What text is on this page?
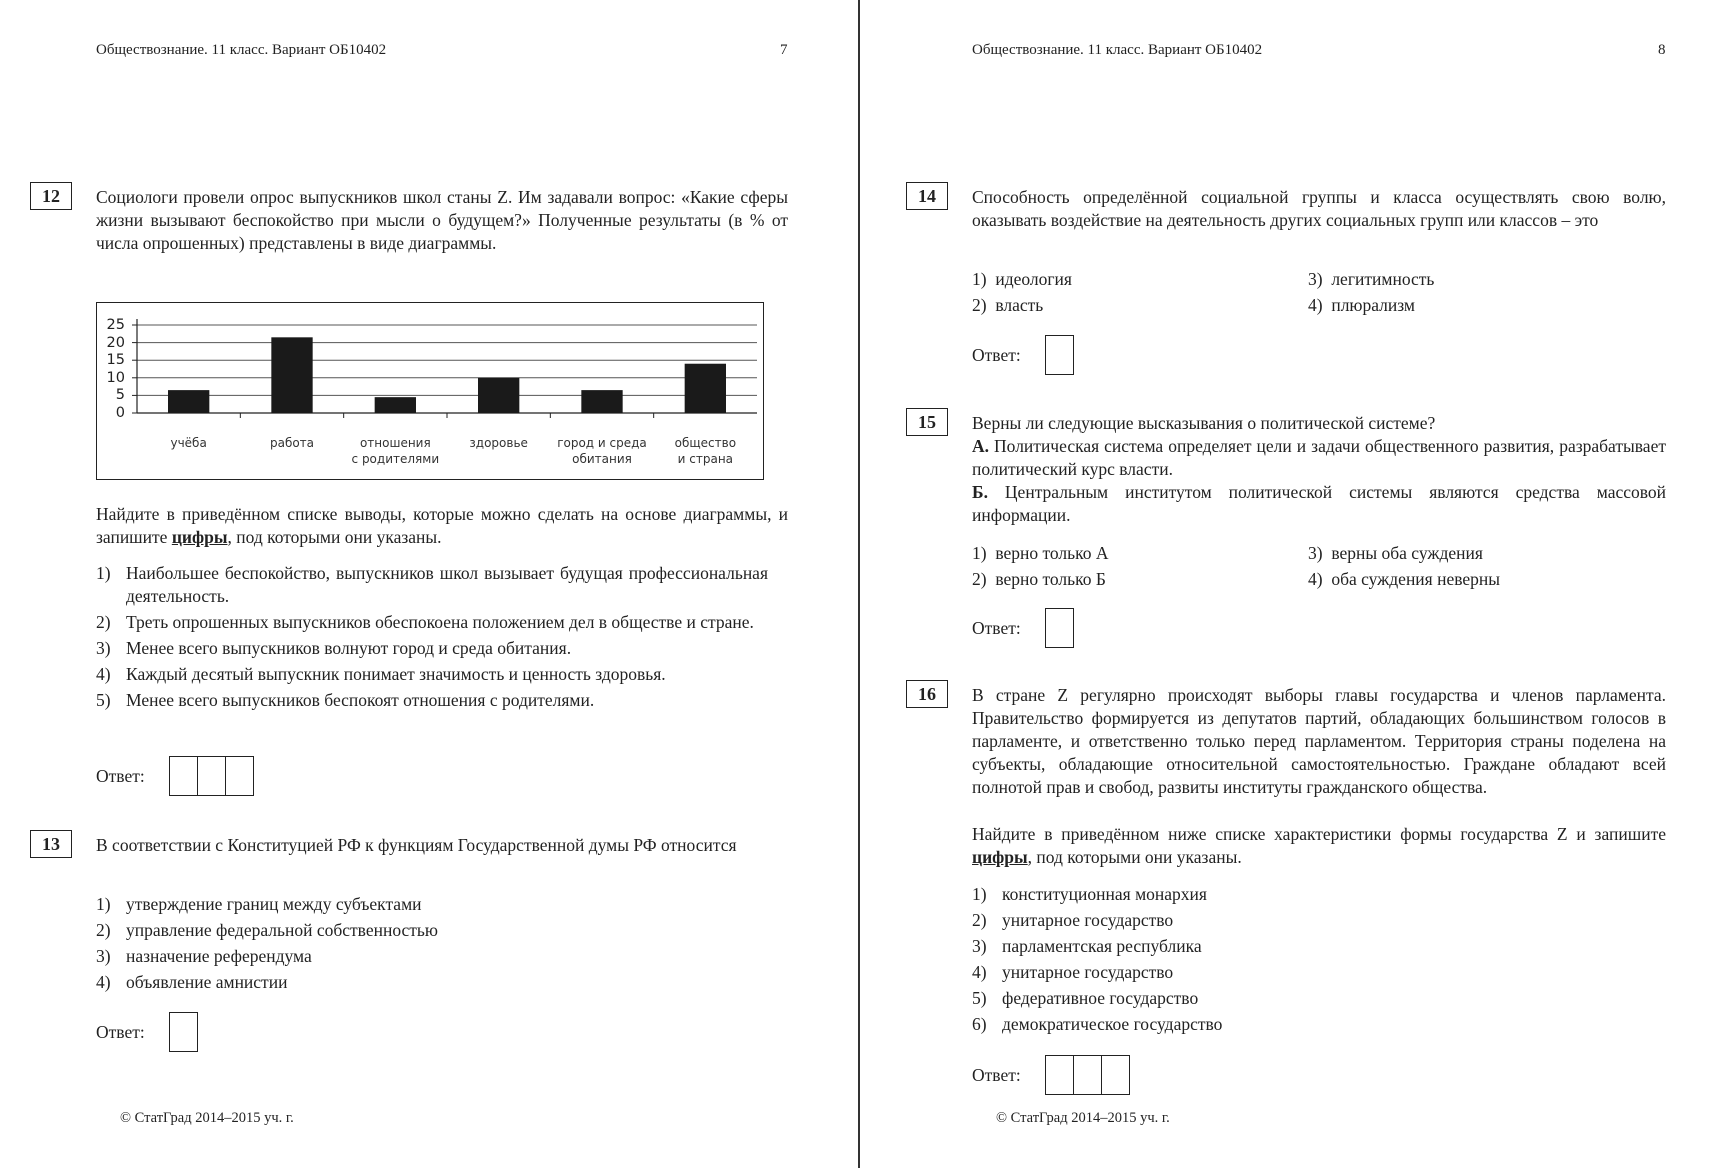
Обществознание. 11 класс. Вариант ОБ10402	7
12	Социологи провели опрос выпускников школ станы Z. Им задавали вопрос: «Какие сферы жизни вызывают беспокойство при мысли о будущем?» Полученные результаты (в % от числа опрошенных) представлены в виде диаграммы.
0
5
10
15
20
25
учёба	работа	отношения
с родителями
здоровье	город и среда
обитания
общество
и страна
Найдите в приведённом списке выводы, которые можно сделать на основе диаграммы, и запишите цифры, под которыми они указаны.
1) Наибольшее беспокойство, выпускников школ вызывает будущая профессиональная деятельность.
2) Треть опрошенных выпускников обеспокоена положением дел в обществе и стране.
3) Менее всего выпускников волнуют город и среда обитания.
4) Каждый десятый выпускник понимает значимость и ценность здоровья.
5) Менее всего выпускников беспокоят отношения с родителями.
Ответ:
13	В соответствии с Конституцией РФ к функциям Государственной думы РФ относится
1) утверждение границ между субъектами
2) управление федеральной собственностью
3) назначение референдума
4) объявление амнистии
Ответ:
© СтатГрад 2014–2015 уч. г.
Обществознание. 11 класс. Вариант ОБ10402	8
14	Способность определённой социальной группы и класса осуществлять свою волю, оказывать воздействие на деятельность других социальных групп или классов – это
1) идеология
2) власть
3) легитимность
4) плюрализм
Ответ:
15	Верны ли следующие высказывания о политической системе?
А. Политическая система определяет цели и задачи общественного развития, разрабатывает политический курс власти.
Б. Центральным институтом политической системы являются средства массовой информации.
1) верно только А
2) верно только Б
3) верны оба суждения
4) оба суждения неверны
Ответ:
16	В стране Z регулярно происходят выборы главы государства и членов парламента. Правительство формируется из депутатов партий, обладающих большинством голосов в парламенте, и ответственно только перед парламентом. Территория страны поделена на субъекты, обладающие относительной самостоятельностью. Граждане обладают всей полнотой прав и свобод, развиты институты гражданского общества.
Найдите в приведённом ниже списке характеристики формы государства Z и запишите цифры, под которыми они указаны.
1) конституционная монархия
2) унитарное государство
3) парламентская республика
4) унитарное государство
5) федеративное государство
6) демократическое государство
Ответ:
© СтатГрад 2014–2015 уч. г.
